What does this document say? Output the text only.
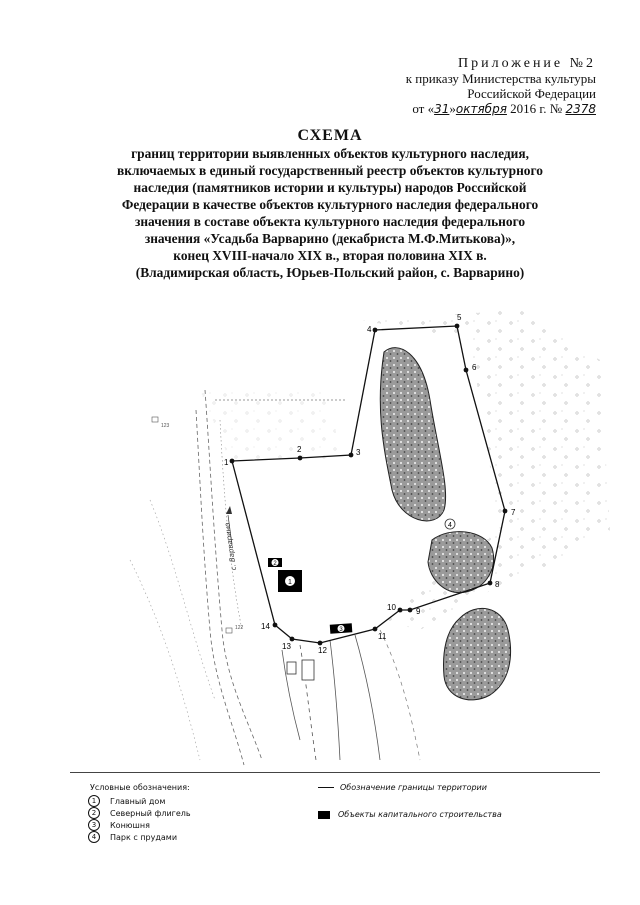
Приложение №2
к приказу Министерства культуры
Российской Федерации
от «31»октября 2016 г. № 2378
СХЕМА
границ территории выявленных объектов культурного наследия,
включаемых в единый государственный реестр объектов культурного
наследия (памятников истории и культуры) народов Российской
Федерации в качестве объектов культурного наследия федерального
значения в составе объекта культурного наследия федерального
значения «Усадьба Варварино (декабриста М.Ф.Митькова)»,
конец XVIII-начало XIX в., вторая половина XIX в.
(Владимирская область, Юрьев-Польский район, с. Варварино)
1
2	3
4
5
6
7
8
9
10
11
12
13
14
1
2
3
4
с. Варварино
123
122
Условные обозначения:
1	Главный дом
2	Северный флигель
3	Конюшня
4	Парк с прудами
Обозначение границы территории
Объекты капитального строительства
